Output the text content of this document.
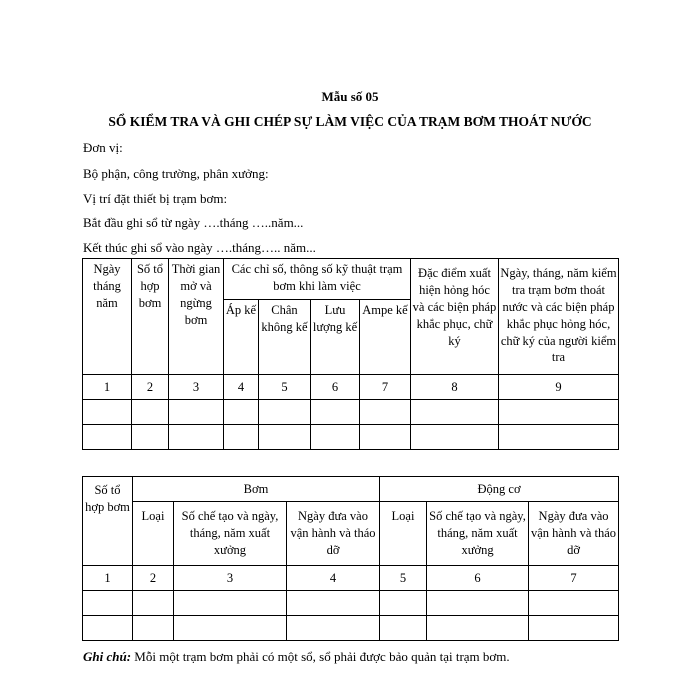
Mẫu số 05
SỔ KIỂM TRA VÀ GHI CHÉP SỰ LÀM VIỆC CỦA TRẠM BƠM THOÁT NƯỚC
Đơn vị:
Bộ phận, công trường, phân xưởng:
Vị trí đặt thiết bị trạm bơm:
Bắt đầu ghi sổ từ ngày ….tháng …..năm...
Kết thúc ghi sổ vào ngày ….tháng….. năm...
Ngày tháng năm	Số tổ hợp bơm	Thời gian mở và ngừng bơm	Các chỉ số, thông số kỹ thuật trạm bơm khi làm việc				Đặc điểm xuất hiện hỏng hóc và các biện pháp khắc phục, chữ ký	Ngày, tháng, năm kiểm tra trạm bơm thoát nước và các biện pháp khắc phục hỏng hóc, chữ ký của người kiểm tra
			Áp kế	Chân không kế	Lưu lượng kế	Ampe kế		
1	2	3	4	5	6	7	8	9

Số tổ hợp bơm	Bơm			Động cơ		
	Loại	Số chế tạo và ngày, tháng, năm xuất xưởng	Ngày đưa vào vận hành và tháo dỡ	Loại	Số chế tạo và ngày, tháng, năm xuất xưởng	Ngày đưa vào vận hành và tháo dỡ
1	2	3	4	5	6	7

Ghi chú: Mỗi một trạm bơm phải có một sổ, sổ phải được bảo quản tại trạm bơm.
